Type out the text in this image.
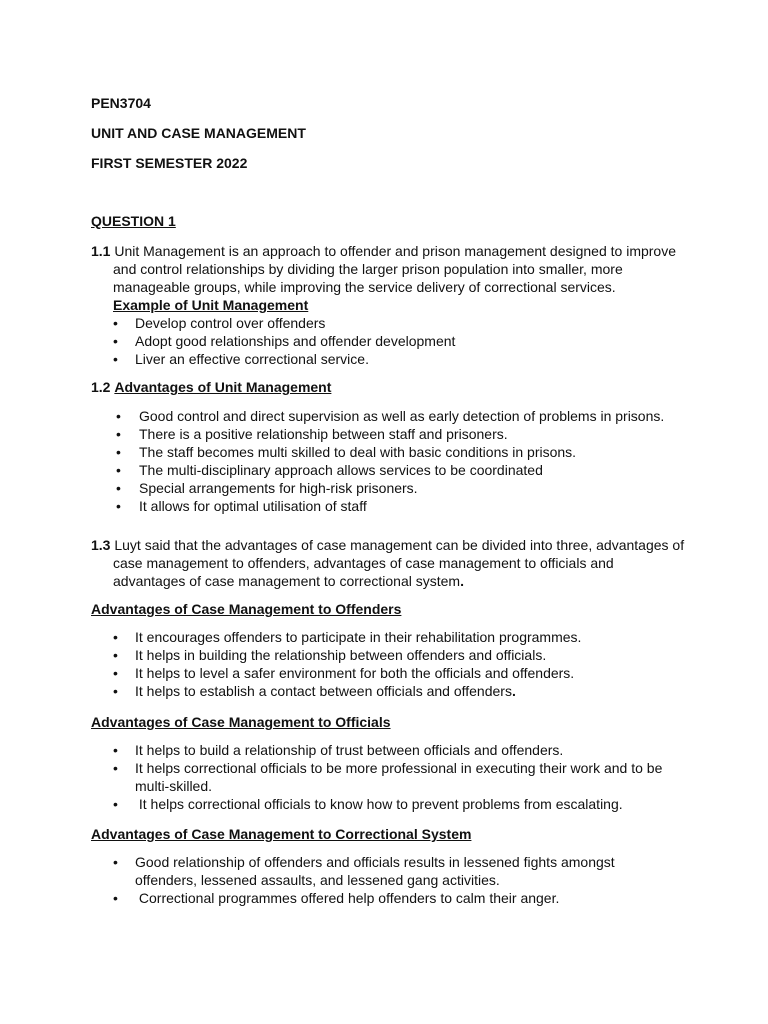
PEN3704
UNIT AND CASE MANAGEMENT
FIRST SEMESTER 2022
QUESTION 1
1.1 Unit Management is an approach to offender and prison management designed to improve
and control relationships by dividing the larger prison population into smaller, more manageable groups, while improving the service delivery of correctional services.
Example of Unit Management
• Develop control over offenders
• Adopt good relationships and offender development
• Liver an effective correctional service.
1.2 Advantages of Unit Management
• Good control and direct supervision as well as early detection of problems in prisons.
• There is a positive relationship between staff and prisoners.
• The staff becomes multi skilled to deal with basic conditions in prisons.
• The multi-disciplinary approach allows services to be coordinated
• Special arrangements for high-risk prisoners.
• It allows for optimal utilisation of staff
1.3 Luyt said that the advantages of case management can be divided into three, advantages of
case management to offenders, advantages of case management to officials and advantages of case management to correctional system.
Advantages of Case Management to Offenders
• It encourages offenders to participate in their rehabilitation programmes.
• It helps in building the relationship between offenders and officials.
• It helps to level a safer environment for both the officials and offenders.
• It helps to establish a contact between officials and offenders.
Advantages of Case Management to Officials
• It helps to build a relationship of trust between officials and offenders.
• It helps correctional officials to be more professional in executing their work and to be multi-skilled.
• It helps correctional officials to know how to prevent problems from escalating.
Advantages of Case Management to Correctional System
• Good relationship of offenders and officials results in lessened fights amongst offenders, lessened assaults, and lessened gang activities.
• Correctional programmes offered help offenders to calm their anger.
